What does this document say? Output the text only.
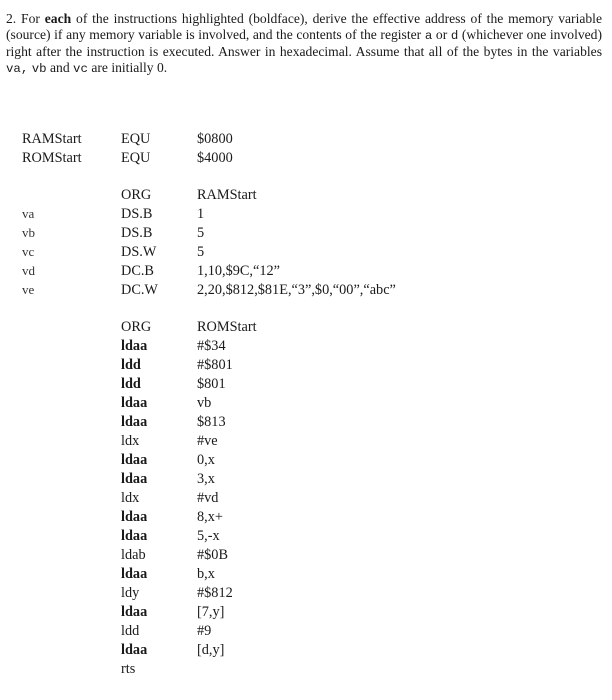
2. For each of the instructions highlighted (boldface), derive the effective address of the memory variable (source) if any memory variable is involved, and the contents of the register a or d (whichever one involved) right after the instruction is executed. Answer in hexadecimal. Assume that all of the bytes in the variables va, vb and vc are initially 0.
RAMStart	EQU	$0800
ROMStart	EQU	$4000
ORG	RAMStart
va	DS.B	1
vb	DS.B	5
vc	DS.W	5
vd	DC.B	1,10,$9C,“12”
ve	DC.W	2,20,$812,$81E,“3”,$0,“00”,“abc”
ORG	ROMStart
ldaa	#$34
ldd	#$801
ldd	$801
ldaa	vb
ldaa	$813
ldx	#ve
ldaa	0,x
ldaa	3,x
ldx	#vd
ldaa	8,x+
ldaa	5,-x
ldab	#$0B
ldaa	b,x
ldy	#$812
ldaa	[7,y]
ldd	#9
ldaa	[d,y]
rts
